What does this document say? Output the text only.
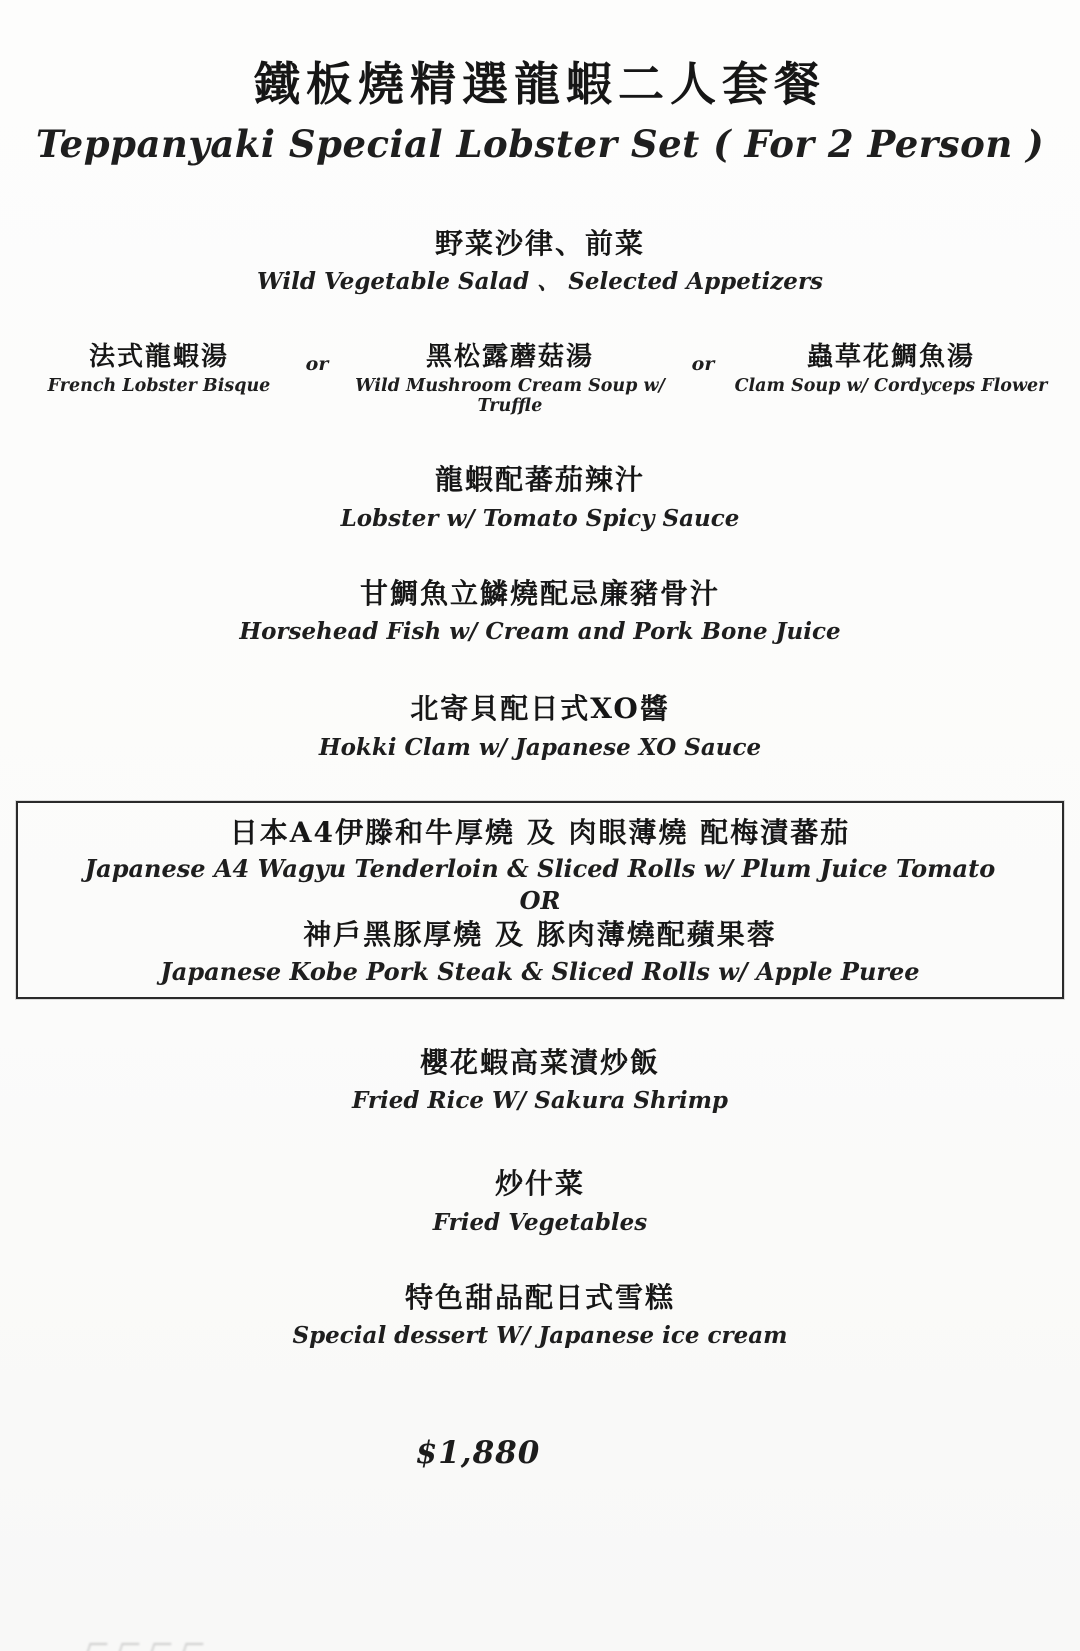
鐵板燒精選龍蝦二人套餐
Teppanyaki Special Lobster Set ( For 2 Person )
野菜沙律、前菜
Wild Vegetable Salad 、 Selected Appetizers
法式龍蝦湯
French Lobster Bisque
or	黑松露蘑菇湯
Wild Mushroom Cream Soup w/ Truffle
or	蟲草花鯛魚湯
Clam Soup w/ Cordyceps Flower
龍蝦配蕃茄辣汁
Lobster w/ Tomato Spicy Sauce
甘鯛魚立鱗燒配忌廉豬骨汁
Horsehead Fish w/ Cream and Pork Bone Juice
北寄貝配日式XO醬
Hokki Clam w/ Japanese XO Sauce
日本A4伊滕和牛厚燒 及 肉眼薄燒 配梅漬蕃茄
Japanese A4 Wagyu Tenderloin & Sliced Rolls w/ Plum Juice Tomato
OR
神戶黑豚厚燒 及 豚肉薄燒配蘋果蓉
Japanese Kobe Pork Steak & Sliced Rolls w/ Apple Puree
櫻花蝦高菜漬炒飯
Fried Rice W/ Sakura Shrimp
炒什菜
Fried Vegetables
特色甜品配日式雪糕
Special dessert W/ Japanese ice cream
$1,880
